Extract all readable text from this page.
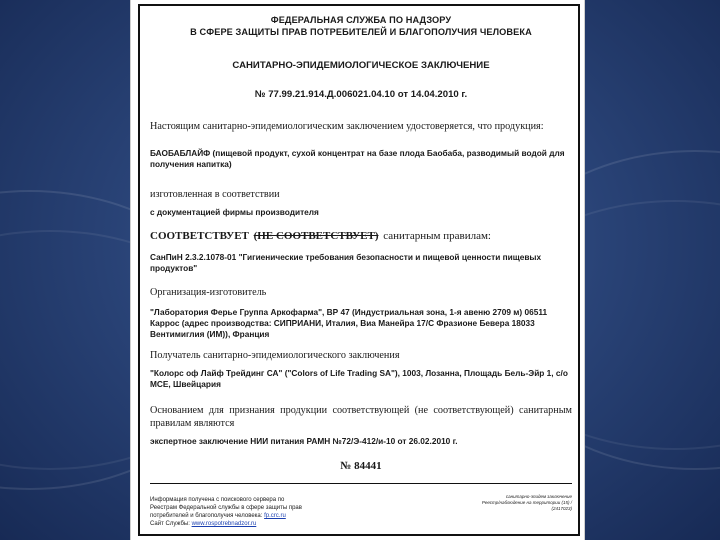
ФЕДЕРАЛЬНАЯ СЛУЖБА ПО НАДЗОРУ
В СФЕРЕ ЗАЩИТЫ ПРАВ ПОТРЕБИТЕЛЕЙ И БЛАГОПОЛУЧИЯ ЧЕЛОВЕКА
САНИТАРНО-ЭПИДЕМИОЛОГИЧЕСКОЕ ЗАКЛЮЧЕНИЕ
№ 77.99.21.914.Д.006021.04.10 от 14.04.2010 г.
Настоящим санитарно-эпидемиологическим заключением удостоверяется, что продукция:
БАОБАБЛАЙФ (пищевой продукт, сухой концентрат на базе плода Баобаба, разводимый водой для получения напитка)
изготовленная в соответствии
с документацией фирмы производителя
СООТВЕТСТВУЕТ (НЕ СООТВЕТСТВУЕТ) санитарным правилам:
СанПиН 2.3.2.1078-01 "Гигиенические требования безопасности и пищевой ценности пищевых продуктов"
Организация-изготовитель
"Лаборатория Ферье Группа Аркофарма", ВР 47 (Индустриальная зона, 1-я авеню 2709 м) 06511 Каррос (адрес производства: СИПРИАНИ, Италия, Виа Манейра 17/С Фразионе Бевера 18033 Вентимиглия (ИМ)), Франция
Получатель санитарно-эпидемиологического заключения
"Колорс оф Лайф Трейдинг СА" ("Colors of Life Trading SA"), 1003, Лозанна, Площадь Бель-Эйр 1, c/o MCE, Швейцария
Основанием для признания продукции соответствующей (не соответствующей) санитарным правилам являются
экспертное заключение НИИ питания РАМН №72/Э-412/и-10 от 26.02.2010 г.
№ 84441
Информация получена с поискового сервера по
Реестрам Федеральной службы в сфере защиты прав
потребителей и благополучия человека: fp.crc.ru
Сайт Службы: www.rospotrebnadzor.ru
санитарно-эпидем заключение
Реестр/наблюдение на территории (15) /
(2417023)
